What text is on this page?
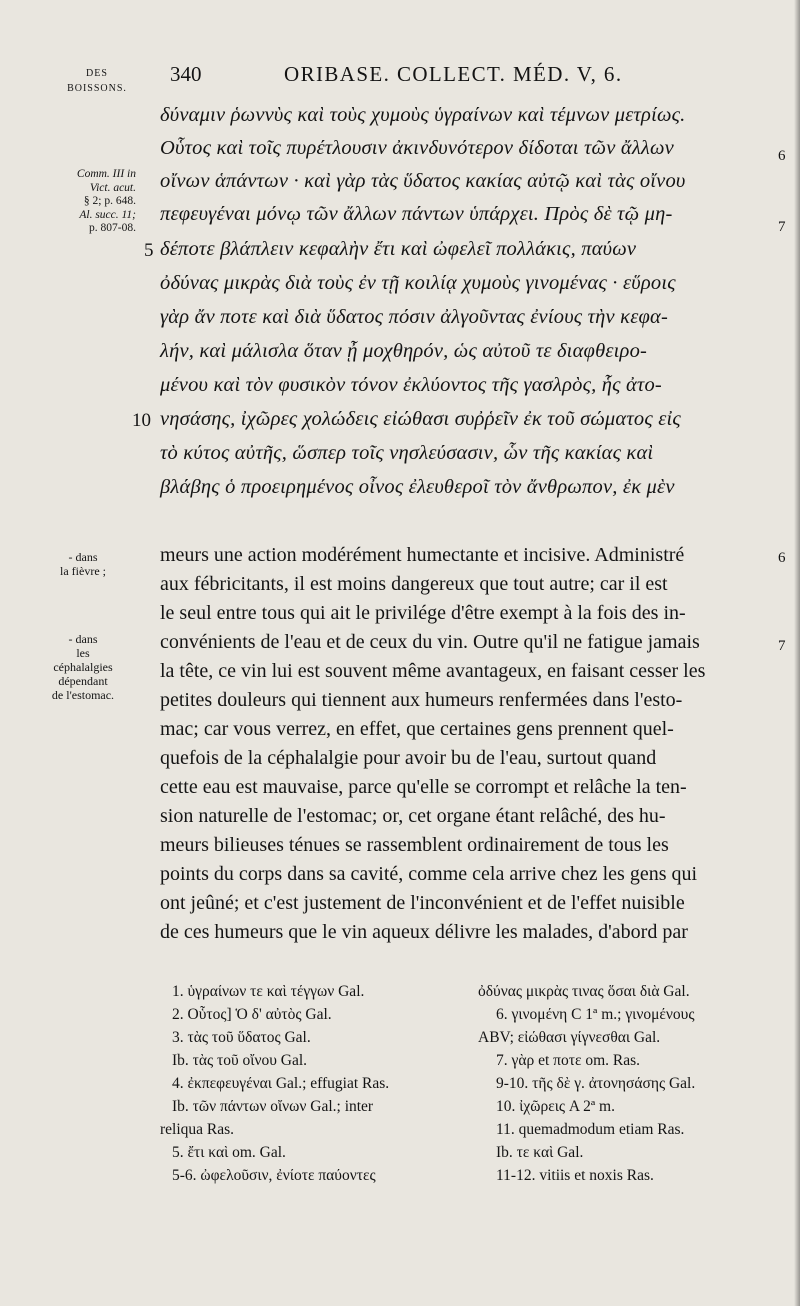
DES
BOISSONS.
340	ORIBASE. COLLECT. MÉD. V, 6.
Comm. III in
Vict. acut.
§ 2; p. 648.
Al. succ. 11;
p. 807-08.
- dans
la fièvre ;
- dans
les
céphalalgies
dépendant
de l'estomac.
δύναμιν ῥωννὺς καὶ τοὺς χυμοὺς ὑγραίνων καὶ τέμνων μετρίως.
Οὗτος καὶ τοῖς πυρέτλουσιν ἀκινδυνότερον δίδοται τῶν ἄλλων
οἴνων ἁπάντων · καὶ γὰρ τὰς ὕδατος κακίας αὐτῷ καὶ τὰς οἴνου
πεφευγέναι μόνῳ τῶν ἄλλων πάντων ὑπάρχει. Πρὸς δὲ τῷ μη-
δέποτε βλάπλειν κεφαλὴν ἔτι καὶ ὠφελεῖ πολλάκις, παύων
ὀδύνας μικρὰς διὰ τοὺς ἐν τῇ κοιλίᾳ χυμοὺς γινομένας · εὕροις
γὰρ ἄν ποτε καὶ διὰ ὕδατος πόσιν ἀλγοῦντας ἐνίους τὴν κεφα-
λήν, καὶ μάλισλα ὅταν ᾖ μοχθηρόν, ὡς αὐτοῦ τε διαφθειρο-
μένου καὶ τὸν φυσικὸν τόνον ἐκλύοντος τῆς γασλρὸς, ἧς ἀτο-
νησάσης, ἰχῶρες χολώδεις εἰώθασι συῤῥεῖν ἐκ τοῦ σώματος εἰς
τὸ κύτος αὐτῆς, ὥσπερ τοῖς νησλεύσασιν, ὧν τῆς κακίας καὶ
βλάβης ὁ προειρημένος οἶνος ἐλευθεροῖ τὸν ἄνθρωπον, ἐκ μὲν
5
10
6
7
meurs une action modérément humectante et incisive. Administré
aux fébricitants, il est moins dangereux que tout autre; car il est
le seul entre tous qui ait le privilége d'être exempt à la fois des in-
convénients de l'eau et de ceux du vin. Outre qu'il ne fatigue jamais
la tête, ce vin lui est souvent même avantageux, en faisant cesser les
petites douleurs qui tiennent aux humeurs renfermées dans l'esto-
mac; car vous verrez, en effet, que certaines gens prennent quel-
quefois de la céphalalgie pour avoir bu de l'eau, surtout quand
cette eau est mauvaise, parce qu'elle se corrompt et relâche la ten-
sion naturelle de l'estomac; or, cet organe étant relâché, des hu-
meurs bilieuses ténues se rassemblent ordinairement de tous les
points du corps dans sa cavité, comme cela arrive chez les gens qui
ont jeûné; et c'est justement de l'inconvénient et de l'effet nuisible
de ces humeurs que le vin aqueux délivre les malades, d'abord par
6
7
1. ὑγραίνων τε καὶ τέγγων Gal.
2. Οὗτος] Ὁ δ' αὐτὸς Gal.
3. τὰς τοῦ ὕδατος Gal.
Ib. τὰς τοῦ οἴνου Gal.
4. ἐκπεφευγέναι Gal.; effugiat Ras.
Ib. τῶν πάντων οἴνων Gal.; inter
reliqua Ras.
5. ἔτι καὶ om. Gal.
5-6. ὠφελοῦσιν, ἐνίοτε παύοντες
ὀδύνας μικρὰς τινας ὅσαι διὰ Gal.
6. γινομένη C 1ª m.; γινομένους
ABV; εἰώθασι γίγνεσθαι Gal.
7. γὰρ et ποτε om. Ras.
9-10. τῆς δὲ γ. ἀτονησάσης Gal.
10. ἰχῶρεις A 2ª m.
11. quemadmodum etiam Ras.
Ib. τε καὶ Gal.
11-12. vitiis et noxis Ras.
